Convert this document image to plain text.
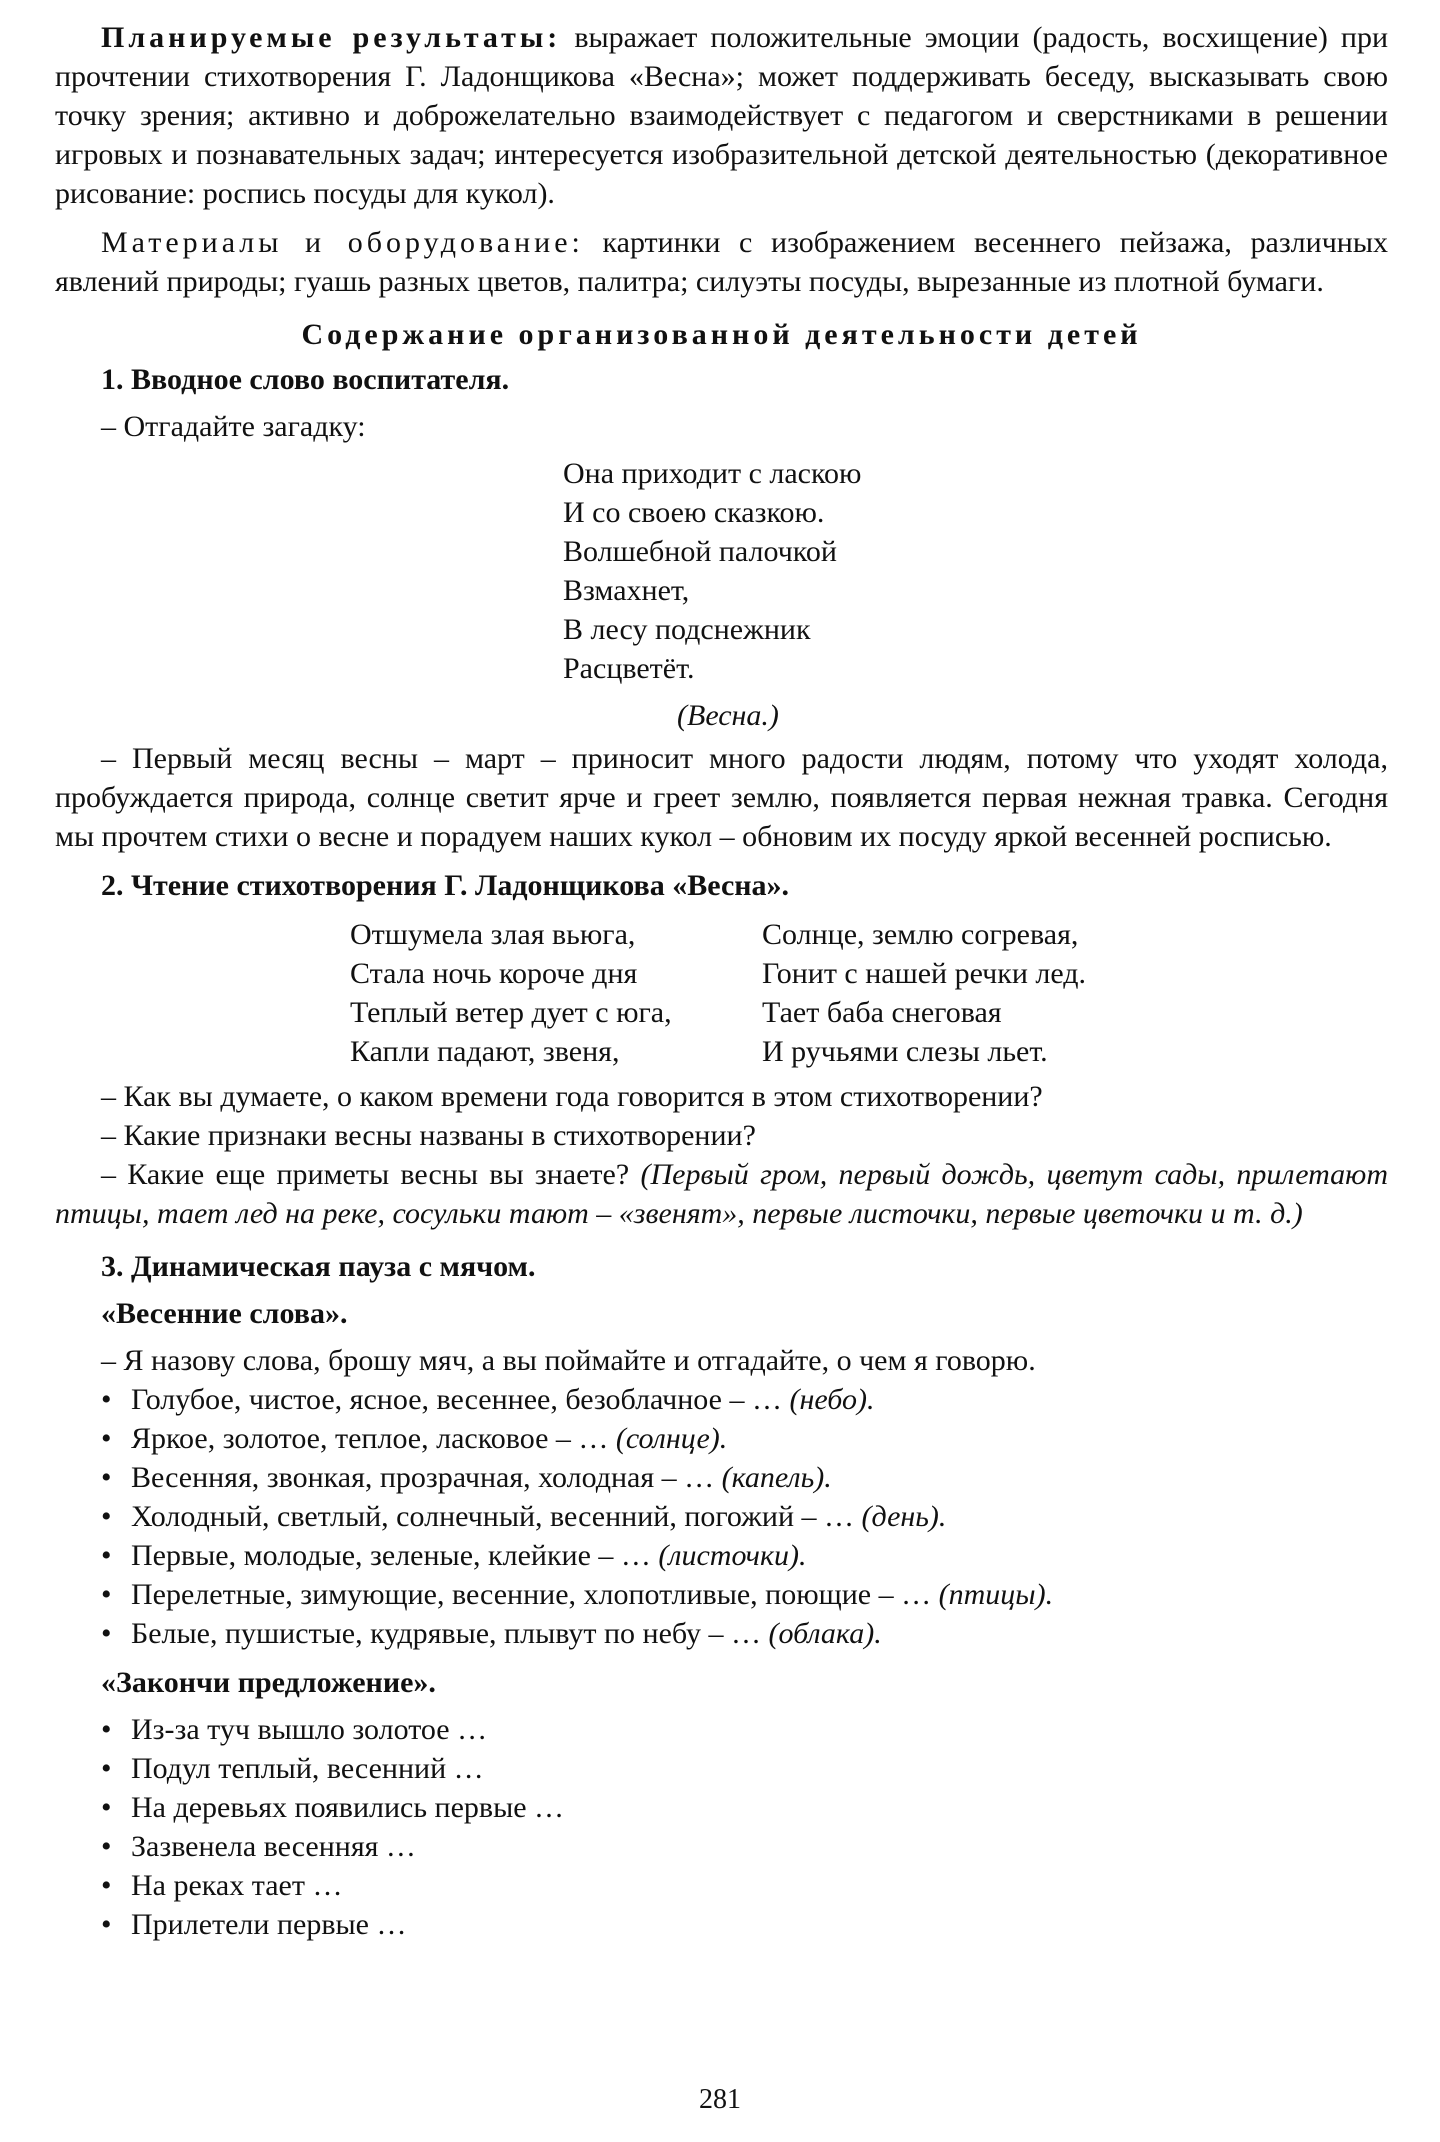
Планируемые результаты: выражает положительные эмоции (радость, восхищение) при прочтении стихотворения Г. Ладонщикова «Весна»; может поддерживать беседу, высказывать свою точку зрения; активно и доброжелательно взаимодействует с педагогом и сверстниками в решении игровых и познавательных задач; интересуется изобразительной детской деятельностью (декоративное рисование: роспись посуды для кукол).

Материалы и оборудование: картинки с изображением весеннего пейзажа, различных явлений природы; гуашь разных цветов, палитра; силуэты посуды, вырезанные из плотной бумаги.

Содержание организованной деятельности детей
1. Вводное слово воспитателя.

– Отгадайте загадку:

Она приходит с ласкою
И со своею сказкою.
Волшебной палочкой
Взмахнет,
В лесу подснежник
Расцветёт.
(Весна.)

– Первый месяц весны – март – приносит много радости людям, потому что уходят холода, пробуждается природа, солнце светит ярче и греет землю, появляется первая нежная травка. Сегодня мы прочтем стихи о весне и порадуем наших кукол – обновим их посуду яркой весенней росписью.

2. Чтение стихотворения Г. Ладонщикова «Весна».
Отшумела злая вьюга,
Стала ночь короче дня
Теплый ветер дует с юга,
Капли падают, звеня,
Солнце, землю согревая,
Гонит с нашей речки лед.
Тает баба снеговая
И ручьями слезы льет.

– Как вы думаете, о каком времени года говорится в этом стихотворении?

– Какие признаки весны названы в стихотворении?

– Какие еще приметы весны вы знаете? (Первый гром, первый дождь, цветут сады, прилетают птицы, тает лед на реке, сосульки тают – «звенят», первые листочки, первые цветочки и т. д.)

3. Динамическая пауза с мячом.
«Весенние слова».

– Я назову слова, брошу мяч, а вы поймайте и отгадайте, о чем я говорю.

• Голубое, чистое, ясное, весеннее, безоблачное – … (небо).
• Яркое, золотое, теплое, ласковое – … (солнце).
• Весенняя, звонкая, прозрачная, холодная – … (капель).
• Холодный, светлый, солнечный, весенний, погожий – … (день).
• Первые, молодые, зеленые, клейкие – … (листочки).
• Перелетные, зимующие, весенние, хлопотливые, поющие – … (птицы).
• Белые, пушистые, кудрявые, плывут по небу – … (облака).
«Закончи предложение».
• Из-за туч вышло золотое …
• Подул теплый, весенний …
• На деревьях появились первые …
• Зазвенела весенняя …
• На реках тает …
• Прилетели первые …
281
